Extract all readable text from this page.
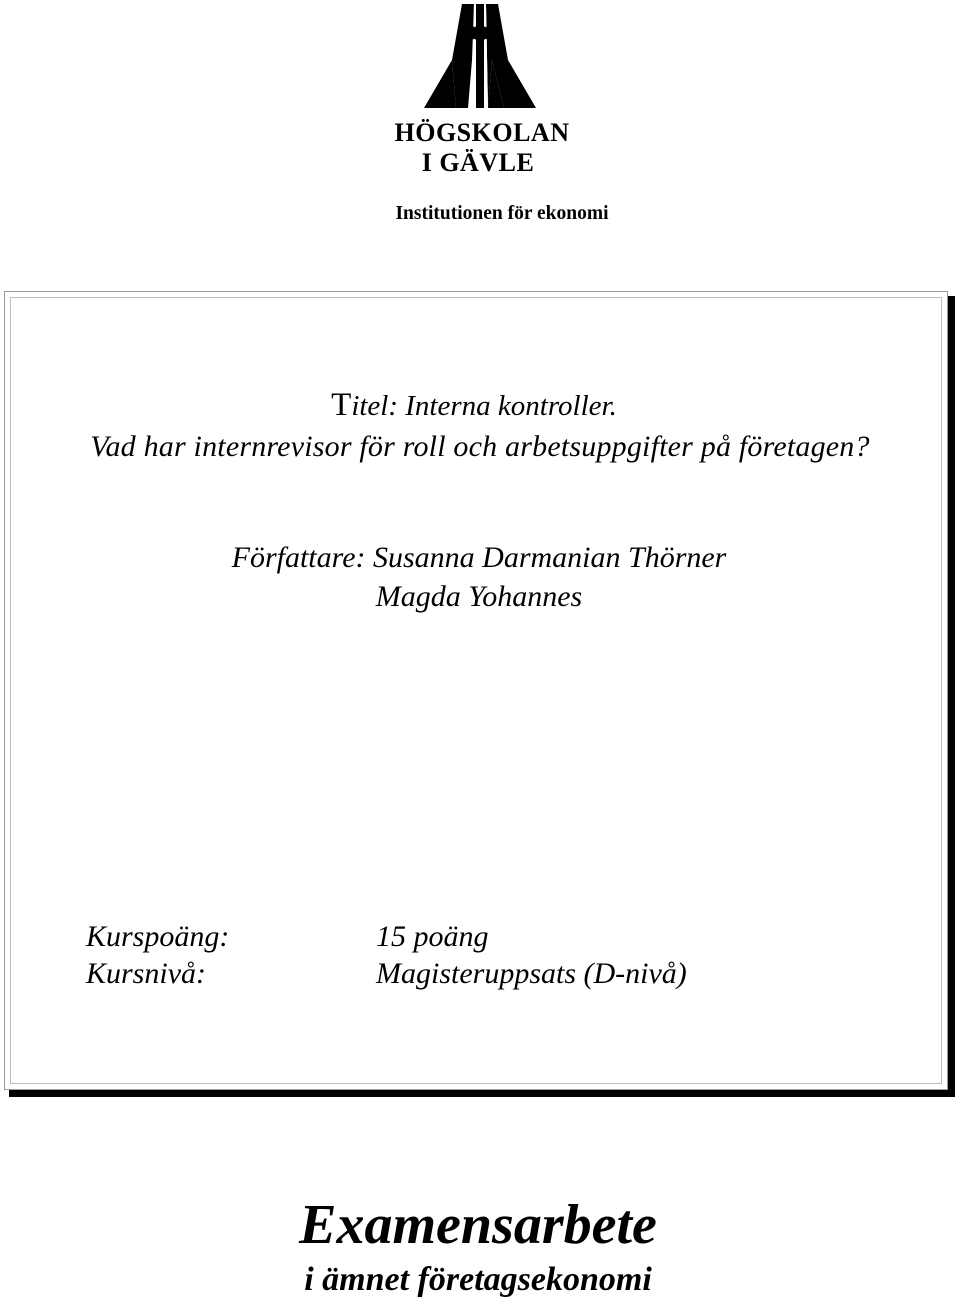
HÖGSKOLAN
I GÄVLE
Institutionen för ekonomi
Titel: Interna kontroller.
Vad har internrevisor för roll och arbetsuppgifter på företagen?
Författare: Susanna Darmanian Thörner
Magda Yohannes
Kurspoäng:	15 poäng
Kursnivå:	Magisteruppsats (D-nivå)
Examensarbete
i ämnet företagsekonomi
